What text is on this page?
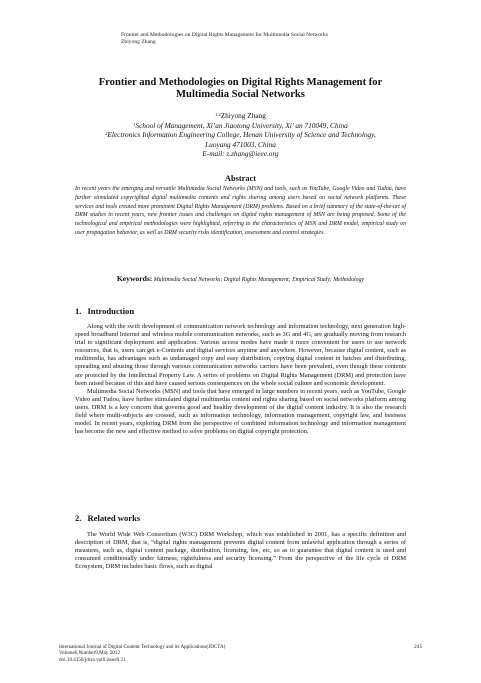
Frontier and Methodologies on Digital Rights Management for Multimedia Social Networks
Zhiyong Zhang
Frontier and Methodologies on Digital Rights Management for
Multimedia Social Networks
$^{1,2}$Zhiyong Zhang
$^1$School of Management, Xi’an Jiaotong University, Xi’ an 710049, China
$^2$Electronics Information Engineering College, Henan University of Science and Technology,
Luoyang 471003, China
E-mail: z.zhang@ieee.org
Abstract
In recent years the emerging and versatile Multimedia Social Networks (MSN) and tools, such as YouTube, Google Video and Tudou, have further stimulated copyrighted digital multimedia contents and rights sharing among users based on social network platforms. These services and tools created more prominent Digital Rights Management (DRM) problems. Based on a brief summary of the state-of-the-art of DRM studies in recent years, new frontier issues and challenges on digital rights management of MSN are being proposed. Some of the technological and empirical methodologies were highlighted, referring to the characteristics of MSN and DRM model, empirical study on user propagation behavior, as well as DRM security risks identification, assessment and control strategies.
Keywords: Multimedia Social Networks; Digital Rights Management; Empirical Study; Methodology
1. Introduction

Along with the swift development of communication network technology and information technology, next generation high-speed broadband Internet and wireless mobile communication networks, such as 3G and 4G, are gradually moving from research trial to significant deployment and application. Various access modes have made it more convenient for users to use network resources, that is, users can get e-Contents and digital services anytime and anywhere. However, because digital content, such as multimedia, has advantages such as undamaged copy and easy distribution, copying digital content in batches and distributing, spreading and abusing those through various communication networks carriers have been prevalent, even though these contents are protected by the Intellectual Property Law. A series of problems on Digital Rights Management (DRM) and protection have been raised because of this and have caused serious consequences on the whole social culture and economic development.

Multimedia Social Networks (MSN) and tools that have emerged in large numbers in recent years, such as YouTube, Google Video and Tudou, have further stimulated digital multimedia content and rights sharing based on social networks platform among users. DRM is a key concern that governs good and healthy development of the digital content industry. It is also the research field where multi-subjects are crossed, such as information technology, information management, copyright law, and business model. In recent years, exploring DRM from the perspective of combined information technology and information management has become the new and effective method to solve problems on digital copyright protection.

2. Related works

The World Wide Web Consortium (W3C) DRM Workshop, which was established in 2001, has a specific definition and description of DRM, that is, “digital rights management prevents digital content from unlawful application through a series of measures, such as, digital content package, distribution, licensing, fee, etc, so as to guarantee that digital content is used and consumed conditionally under fairness, rightfulness and security licensing.” From the perspective of the life cycle of DRM Ecosystem, DRM includes basic flows, such as digital

International Journal of Digital Content Technology and its Applications(JDCTA)
Volume6,Number9,May 2012
doi:10.4156/jdcta.vol6.issue9.31
245
